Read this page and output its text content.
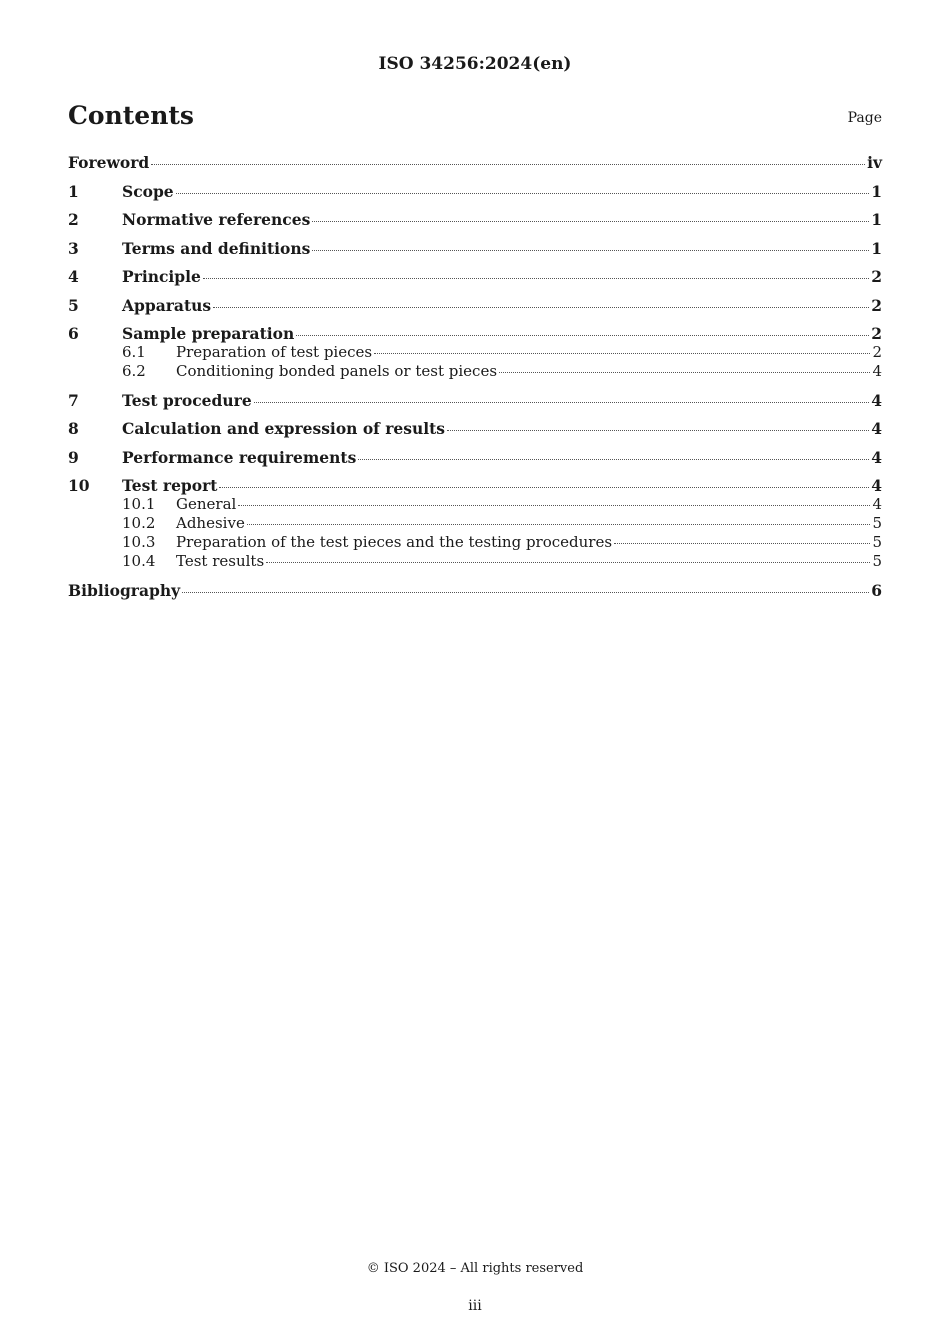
ISO 34256:2024(en)
Contents	Page
Foreword	iv
1	Scope	1
2	Normative references	1
3	Terms and definitions	1
4	Principle	2
5	Apparatus	2
6	Sample preparation	2
6.1	Preparation of test pieces	2
6.2	Conditioning bonded panels or test pieces	4
7	Test procedure	4
8	Calculation and expression of results	4
9	Performance requirements	4
10	Test report	4
10.1	General	4
10.2	Adhesive	5
10.3	Preparation of the test pieces and the testing procedures	5
10.4	Test results	5
Bibliography	6
© ISO 2024 – All rights reserved
iii
